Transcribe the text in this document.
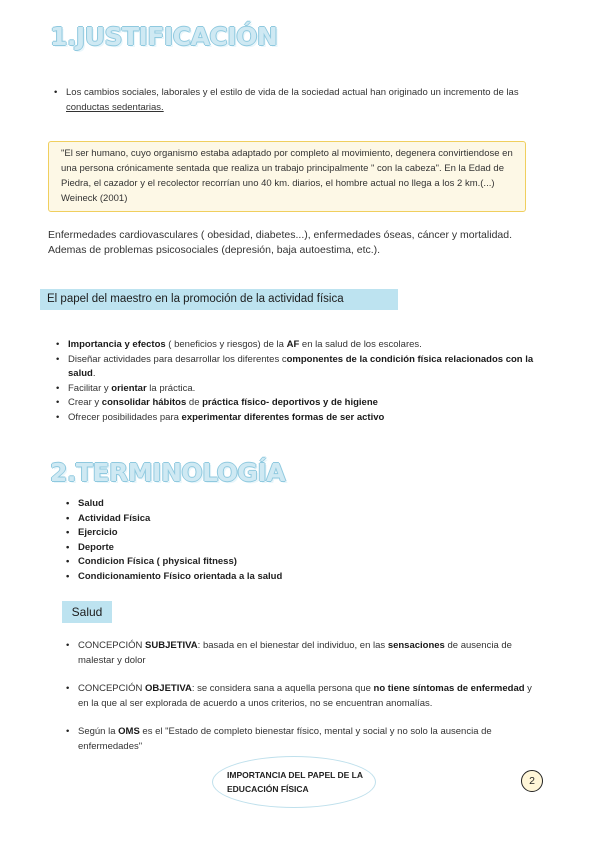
1.JUSTIFICACIÓN
• Los cambios sociales, laborales y el estilo de vida de la sociedad actual han originado un incremento de las conductas sedentarias.
"El ser humano, cuyo organismo estaba adaptado por completo al movimiento, degenera convirtiendose en una persona crónicamente sentada que realiza un trabajo principalmente " con la cabeza". En la Edad de Piedra, el cazador y el recolector recorrían uno 40 km. diarios, el hombre actual no llega a los 2 km.(...) Weineck (2001)
Enfermedades cardiovasculares ( obesidad, diabetes...), enfermedades óseas, cáncer y mortalidad. Ademas de problemas psicosociales (depresión, baja autoestima, etc.).
El papel del maestro en la promoción de la actividad física
• Importancia y efectos ( beneficios y riesgos) de la AF en la salud de los escolares.
• Diseñar actividades para desarrollar los diferentes componentes de la condición física relacionados con la salud.
• Facilitar y orientar la práctica.
• Crear y consolidar hábitos de práctica físico- deportivos y de higiene
• Ofrecer posibilidades para experimentar diferentes formas de ser activo
2.TERMINOLOGÍA
• Salud
• Actividad Física
• Ejercicio
• Deporte
• Condicion Física ( physical fitness)
• Condicionamiento Físico orientada a la salud
Salud
• CONCEPCIÓN SUBJETIVA: basada en el bienestar del individuo, en las sensaciones de ausencia de malestar y dolor
• CONCEPCIÓN OBJETIVA: se considera sana a aquella persona que no tiene síntomas de enfermedad y en la que al ser explorada de acuerdo a unos criterios, no se encuentran anomalías.
• Según la OMS es el "Estado de completo bienestar físico, mental y social y no solo la ausencia de enfermedades"
IMPORTANCIA DEL PAPEL DE LA
EDUCACIÓN FÍSICA
2
